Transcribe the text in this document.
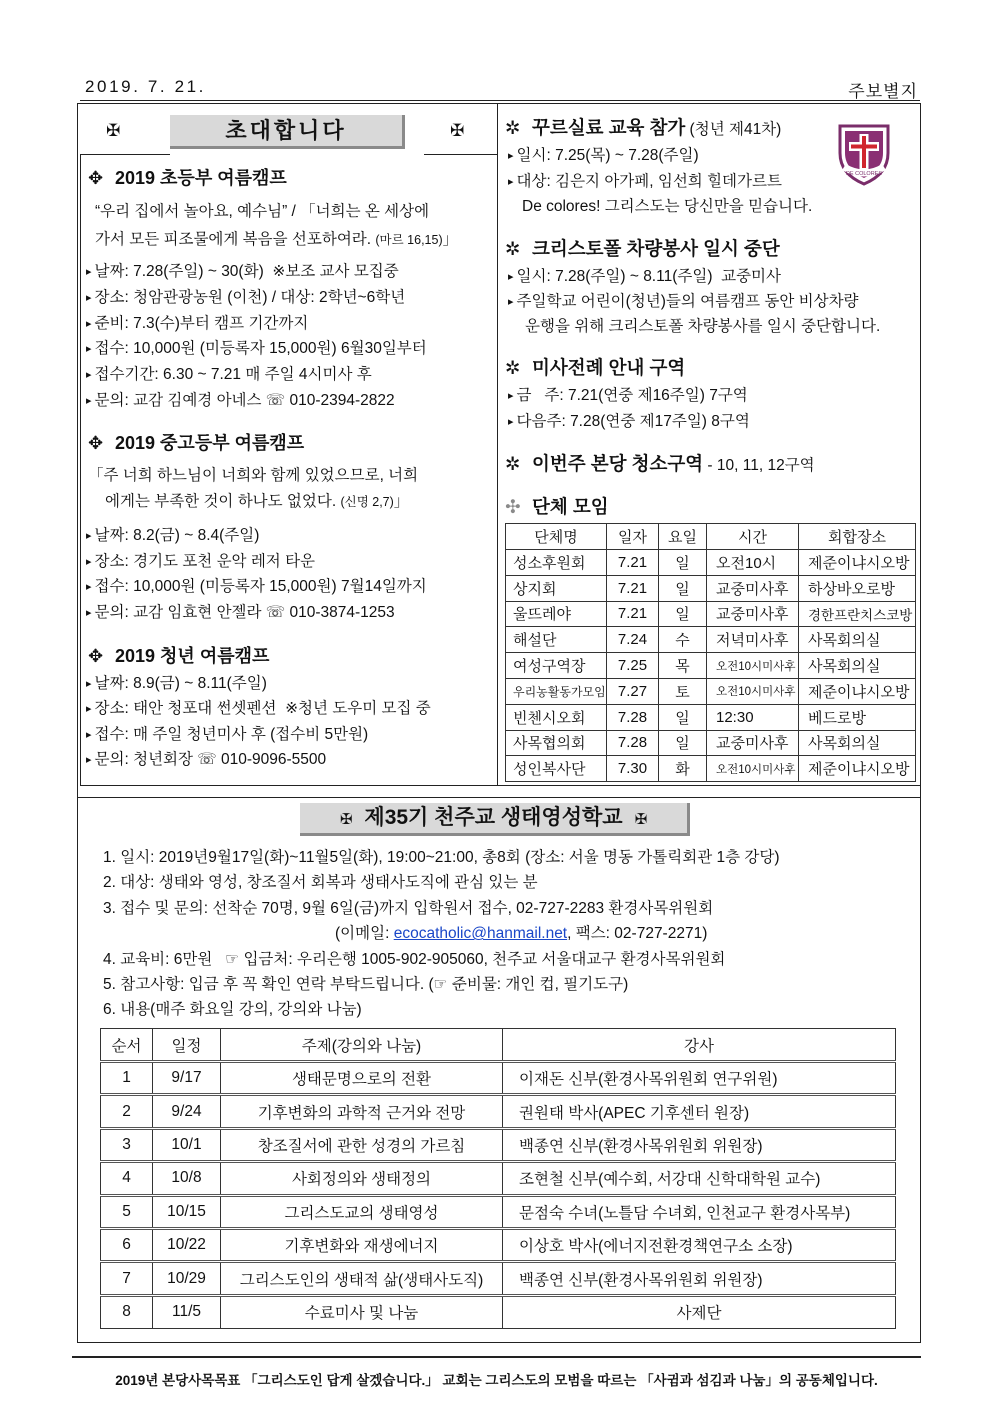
2019. 7. 21.	주보별지
✠	초대합니다	✠
✥ 2019 초등부 여름캠프
“우리 집에서 놀아요, 예수님” / 「너희는 온 세상에
가서 모든 피조물에게 복음을 선포하여라. (마르 16,15)」
▸ 날짜: 7.28(주일) ~ 30(화)  ※보조 교사 모집중
▸ 장소: 청암관광농원 (이천) / 대상: 2학년~6학년
▸ 준비: 7.3(수)부터 캠프 기간까지
▸ 접수: 10,000원 (미등록자 15,000원) 6월30일부터
▸ 접수기간: 6.30 ~ 7.21 매 주일 4시미사 후
▸ 문의: 교감 김예경 아네스 ☏ 010-2394-2822
✥ 2019 중고등부 여름캠프
「주 너희 하느님이 너희와 함께 있었으므로, 너희
에게는 부족한 것이 하나도 없었다. (신명 2,7)」
▸ 날짜: 8.2(금) ~ 8.4(주일)
▸ 장소: 경기도 포천 운악 레저 타운
▸ 접수: 10,000원 (미등록자 15,000원) 7월14일까지
▸ 문의: 교감 임효현 안젤라 ☏ 010-3874-1253
✥ 2019 청년 여름캠프
▸ 날짜: 8.9(금) ~ 8.11(주일)
▸ 장소: 태안 청포대 썬셋펜션  ※청년 도우미 모집 중
▸ 접수: 매 주일 청년미사 후 (접수비 5만원)
▸ 문의: 청년회장 ☏ 010-9096-5500
✲ 꾸르실료 교육 참가 (청년 제41차)
▸ 일시: 7.25(목) ~ 7.28(주일)
▸ 대상: 김은지 아가페, 임선희 힐데가르트
De colores! 그리스도는 당신만을 믿습니다.
DE COLORES
✲ 크리스토폴 차량봉사 일시 중단
▸ 일시: 7.28(주일) ~ 8.11(주일)  교중미사
▸ 주일학교 어린이(청년)들의 여름캠프 동안 비상차량
운행을 위해 크리스토폴 차량봉사를 일시 중단합니다.
✲ 미사전례 안내 구역
▸ 금   주: 7.21(연중 제16주일) 7구역
▸ 다음주: 7.28(연중 제17주일) 8구역
✲ 이번주 본당 청소구역 - 10, 11, 12구역
✣ 단체 모임
단체명	일자	요일	시간	회합장소

성소후원회	7.21	일	오전10시	제준이냐시오방

상지회	7.21	일	교중미사후	하상바오로방

울뜨레야	7.21	일	교중미사후	경한프란치스코방

해설단	7.24	수	저녁미사후	사목회의실

여성구역장	7.25	목	오전10시미사후	사목회의실

우리농활동가모임	7.27	토	오전10시미사후	제준이냐시오방

빈첸시오회	7.28	일	12:30	베드로방

사목협의회	7.28	일	교중미사후	사목회의실

성인복사단	7.30	화	오전10시미사후	제준이냐시오방
✠ 제35기 천주교 생태영성학교 ✠
1. 일시: 2019년9월17일(화)~11월5일(화), 19:00~21:00, 총8회 (장소: 서울 명동 가톨릭회관 1층 강당)
2. 대상: 생태와 영성, 창조질서 회복과 생태사도직에 관심 있는 분
3. 접수 및 문의: 선착순 70명, 9월 6일(금)까지 입학원서 접수, 02-727-2283 환경사목위원회
(이메일: ecocatholic@hanmail.net, 팩스: 02-727-2271)
4. 교육비: 6만원   ☞ 입금처: 우리은행 1005-902-905060, 천주교 서울대교구 환경사목위원회
5. 참고사항: 입금 후 꼭 확인 연락 부탁드립니다. (☞ 준비물: 개인 컵, 필기도구)
6. 내용(매주 화요일 강의, 강의와 나눔)
순서	일정	주제(강의와 나눔)	강사

1	9/17	생태문명으로의 전환	이재돈 신부(환경사목위원회 연구위원)

2	9/24	기후변화의 과학적 근거와 전망	권원태 박사(APEC 기후센터 원장)

3	10/1	창조질서에 관한 성경의 가르침	백종연 신부(환경사목위원회 위원장)

4	10/8	사회정의와 생태정의	조현철 신부(예수회, 서강대 신학대학원 교수)

5	10/15	그리스도교의 생태영성	문점숙 수녀(노틀담 수녀회, 인천교구 환경사목부)

6	10/22	기후변화와 재생에너지	이상호 박사(에너지전환경책연구소 소장)

7	10/29	그리스도인의 생태적 삶(생태사도직)	백종연 신부(환경사목위원회 위원장)

8	11/5	수료미사 및 나눔	사제단
2019년 본당사목목표 「그리스도인 답게 살겠습니다.」 교회는 그리스도의 모범을 따르는 「사귐과 섬김과 나눔」의 공동체입니다.
